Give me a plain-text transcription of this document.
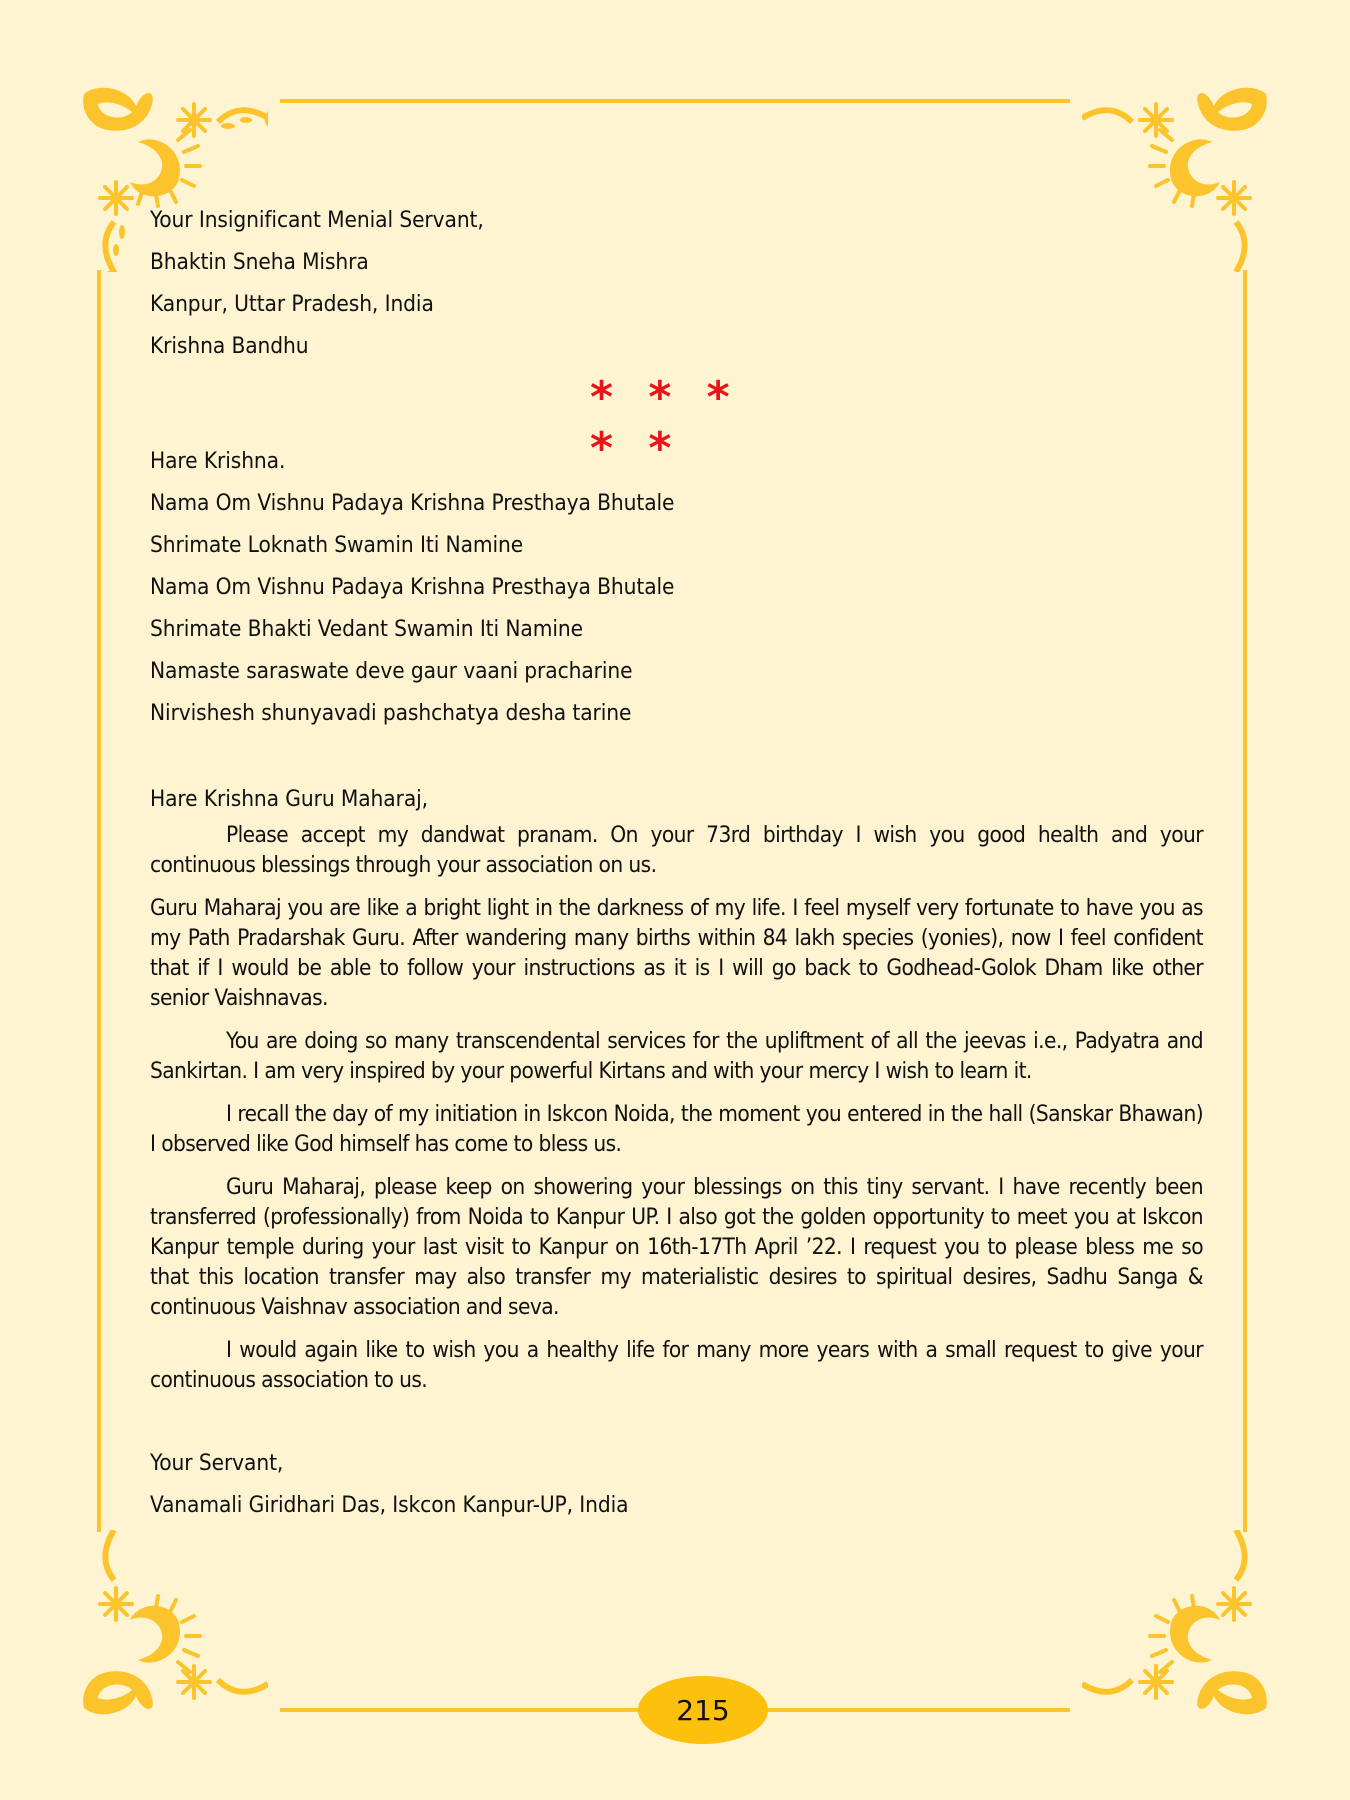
Your Insignificant Menial Servant,
Bhaktin Sneha Mishra
Kanpur, Uttar Pradesh, India
Krishna Bandhu
* * * * *
Hare Krishna.
Nama Om Vishnu Padaya Krishna Presthaya Bhutale
Shrimate Loknath Swamin Iti Namine
Nama Om Vishnu Padaya Krishna Presthaya Bhutale
Shrimate Bhakti Vedant Swamin Iti Namine
Namaste saraswate deve gaur vaani pracharine
Nirvishesh shunyavadi pashchatya desha tarine
Hare Krishna Guru Maharaj,

Please accept my dandwat pranam. On your 73rd birthday I wish you good health and your continuous blessings through your association on us.

Guru Maharaj you are like a bright light in the darkness of my life. I feel myself very fortunate to have you as my Path Pradarshak Guru. After wandering many births within 84 lakh species (yonies), now I feel confident that if I would be able to follow your instructions as it is I will go back to Godhead-Golok Dham like other senior Vaishnavas.

You are doing so many transcendental services for the upliftment of all the jeevas i.e., Padyatra and Sankirtan. I am very inspired by your powerful Kirtans and with your mercy I wish to learn it.

I recall the day of my initiation in Iskcon Noida, the moment you entered in the hall (Sanskar Bhawan) I observed like God himself has come to bless us.

Guru Maharaj, please keep on showering your blessings on this tiny servant. I have recently been transferred (professionally) from Noida to Kanpur UP. I also got the golden opportunity to meet you at Iskcon Kanpur temple during your last visit to Kanpur on 16th-17Th April ’22. I request you to please bless me so that this location transfer may also transfer my materialistic desires to spiritual desires, Sadhu Sanga & continuous Vaishnav association and seva.

I would again like to wish you a healthy life for many more years with a small request to give your continuous association to us.

Your Servant,
Vanamali Giridhari Das, Iskcon Kanpur-UP, India
215
